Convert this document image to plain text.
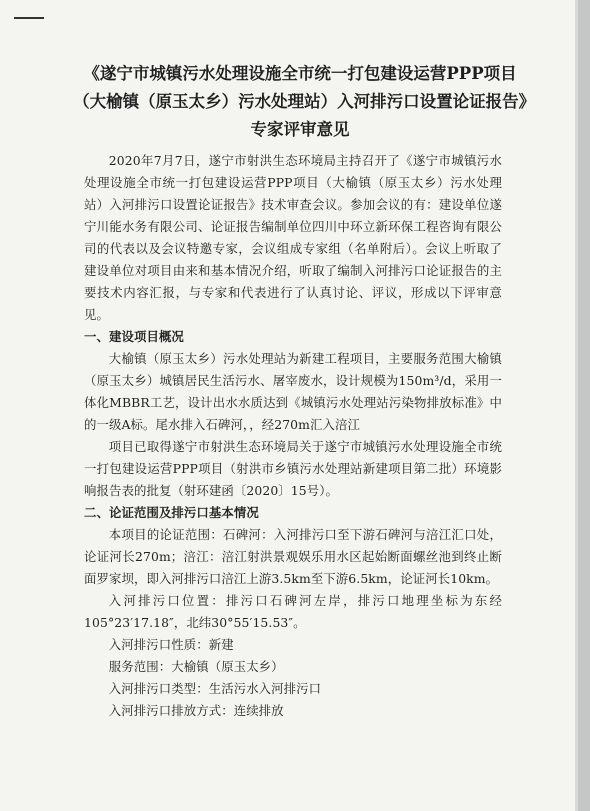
《遂宁市城镇污水处理设施全市统一打包建设运营PPP项目（大榆镇（原玉太乡）污水处理站）入河排污口设置论证报告》专家评审意见

2020年7月7日，遂宁市射洪生态环境局主持召开了《遂宁市城镇污水处理设施全市统一打包建设运营PPP项目（大榆镇（原玉太乡）污水处理站）入河排污口设置论证报告》技术审查会议。参加会议的有：建设单位遂宁川能水务有限公司、论证报告编制单位四川中环立新环保工程咨询有限公司的代表以及会议特邀专家，会议组成专家组（名单附后）。会议上听取了建设单位对项目由来和基本情况介绍，听取了编制入河排污口论证报告的主要技术内容汇报，与专家和代表进行了认真讨论、评议，形成以下评审意见。

一、建设项目概况

大榆镇（原玉太乡）污水处理站为新建工程项目，主要服务范围大榆镇（原玉太乡）城镇居民生活污水、屠宰废水，设计规模为150m³/d，采用一体化MBBR工艺，设计出水水质达到《城镇污水处理站污染物排放标准》中的一级A标。尾水排入石碑河，，经270m汇入涪江

项目已取得遂宁市射洪生态环境局关于遂宁市城镇污水处理设施全市统一打包建设运营PPP项目（射洪市乡镇污水处理站新建项目第二批）环境影响报告表的批复（射环建函〔2020〕15号）。

二、论证范围及排污口基本情况

本项目的论证范围：石碑河：入河排污口至下游石碑河与涪江汇口处，论证河长270m；涪江：涪江射洪景观娱乐用水区起始断面螺丝池到终止断面罗家坝，即入河排污口涪江上游3.5km至下游6.5km，论证河长10km。

入河排污口位置：排污口石碑河左岸，排污口地理坐标为东经105°23′17.18″，北纬30°55′15.53″。

入河排污口性质：新建

服务范围：大榆镇（原玉太乡）

入河排污口类型：生活污水入河排污口

入河排污口排放方式：连续排放
